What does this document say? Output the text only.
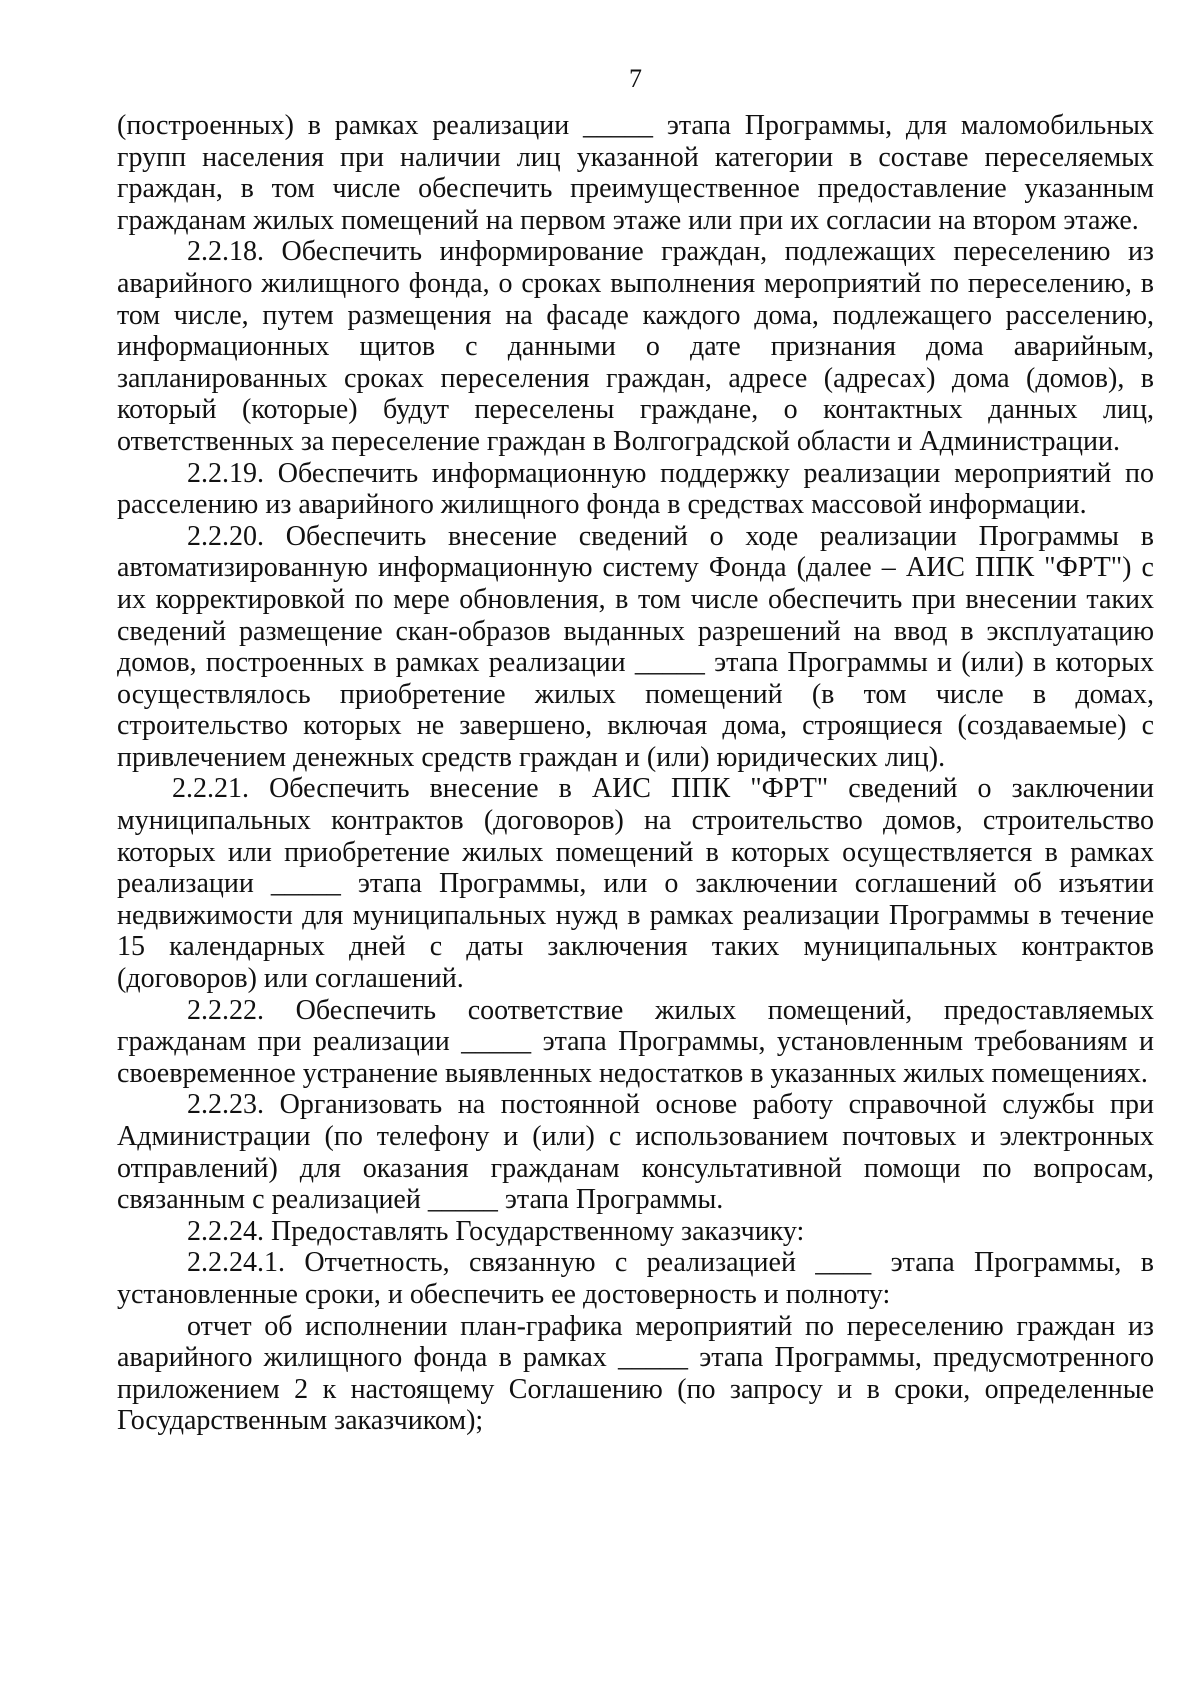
7

(построенных) в рамках реализации _____ этапа Программы, для маломобильных групп населения при наличии лиц указанной категории в составе переселяемых граждан, в том числе обеспечить преимущественное предоставление указанным гражданам жилых помещений на первом этаже или при их согласии на втором этаже.

2.2.18. Обеспечить информирование граждан, подлежащих переселению из аварийного жилищного фонда, о сроках выполнения мероприятий по переселению, в том числе, путем размещения на фасаде каждого дома, подлежащего расселению, информационных щитов с данными о дате признания дома аварийным, запланированных сроках переселения граждан, адресе (адресах) дома (домов), в который (которые) будут переселены граждане, о контактных данных лиц, ответственных за переселение граждан в Волгоградской области и Администрации.

2.2.19. Обеспечить информационную поддержку реализации мероприятий по расселению из аварийного жилищного фонда в средствах массовой информации.

2.2.20. Обеспечить внесение сведений о ходе реализации Программы в автоматизированную информационную систему Фонда (далее – АИС ППК "ФРТ") с их корректировкой по мере обновления, в том числе обеспечить при внесении таких сведений размещение скан-образов выданных разрешений на ввод в эксплуатацию домов, построенных в рамках реализации _____ этапа Программы и (или) в которых осуществлялось приобретение жилых помещений (в том числе в домах, строительство которых не завершено, включая дома, строящиеся (создаваемые) с привлечением денежных средств граждан и (или) юридических лиц).

2.2.21. Обеспечить внесение в АИС ППК "ФРТ" сведений о заключении муниципальных контрактов (договоров) на строительство домов, строительство которых или приобретение жилых помещений в которых осуществляется в рамках реализации _____ этапа Программы, или о заключении соглашений об изъятии недвижимости для муниципальных нужд в рамках реализации Программы в течение 15 календарных дней с даты заключения таких муниципальных контрактов (договоров) или соглашений.

2.2.22. Обеспечить соответствие жилых помещений, предоставляемых гражданам при реализации _____ этапа Программы, установленным требованиям и своевременное устранение выявленных недостатков в указанных жилых помещениях.

2.2.23. Организовать на постоянной основе работу справочной службы при Администрации (по телефону и (или) с использованием почтовых и электронных отправлений) для оказания гражданам консультативной помощи по вопросам, связанным с реализацией _____ этапа Программы.

2.2.24. Предоставлять Государственному заказчику:

2.2.24.1. Отчетность, связанную с реализацией ____ этапа Программы, в установленные сроки, и обеспечить ее достоверность и полноту:

отчет об исполнении план-графика мероприятий по переселению граждан из аварийного жилищного фонда в рамках _____ этапа Программы, предусмотренного приложением 2 к настоящему Соглашению (по запросу и в сроки, определенные Государственным заказчиком);
